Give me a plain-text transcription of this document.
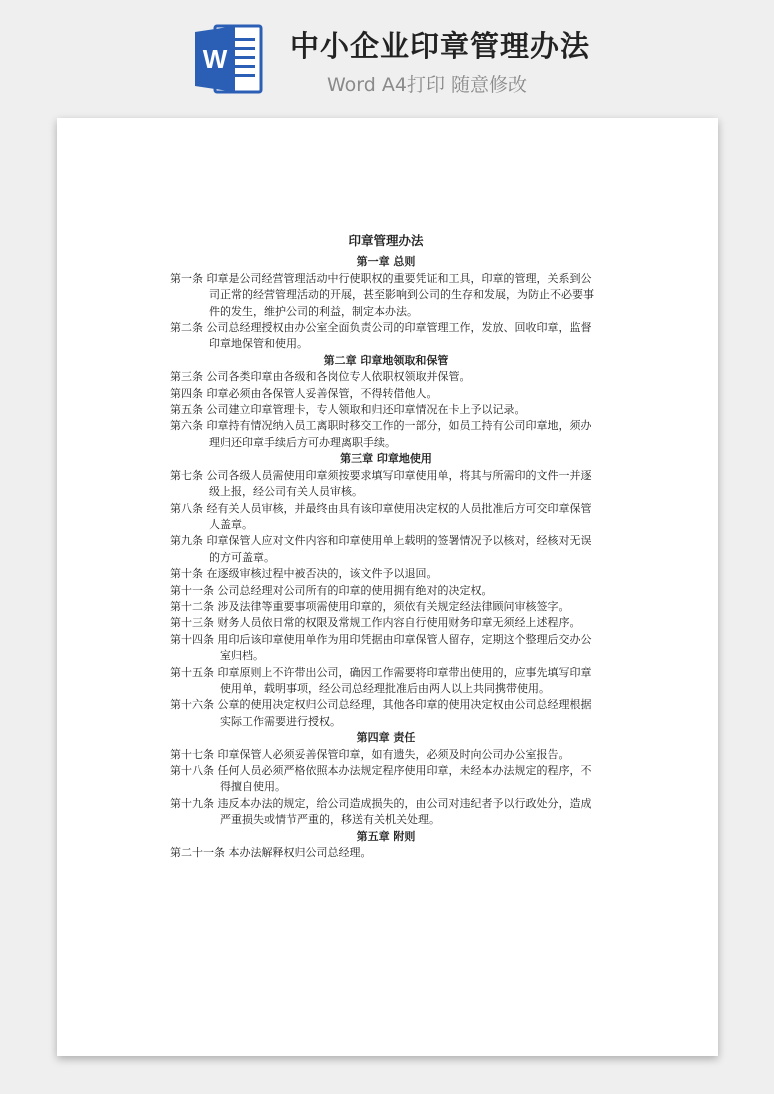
W 中小企业印章管理办法
Word A4打印 随意修改
印章管理办法
第一章 总则
第一条 印章是公司经营管理活动中行使职权的重要凭证和工具，印章的管理，关系到公司正常的经营管理活动的开展，甚至影响到公司的生存和发展，为防止不必要事件的发生，维护公司的利益，制定本办法。
第二条 公司总经理授权由办公室全面负责公司的印章管理工作，发放、回收印章，监督印章地保管和使用。
第二章 印章地领取和保管
第三条 公司各类印章由各级和各岗位专人依职权领取并保管。
第四条 印章必须由各保管人妥善保管，不得转借他人。
第五条 公司建立印章管理卡，专人领取和归还印章情况在卡上予以记录。
第六条 印章持有情况纳入员工离职时移交工作的一部分，如员工持有公司印章地，须办理归还印章手续后方可办理离职手续。
第三章 印章地使用
第七条 公司各级人员需使用印章须按要求填写印章使用单，将其与所需印的文件一并逐级上报，经公司有关人员审核。
第八条 经有关人员审核，并最终由具有该印章使用决定权的人员批准后方可交印章保管人盖章。
第九条 印章保管人应对文件内容和印章使用单上载明的签署情况予以核对，经核对无误的方可盖章。
第十条 在逐级审核过程中被否决的，该文件予以退回。
第十一条 公司总经理对公司所有的印章的使用拥有绝对的决定权。
第十二条 涉及法律等重要事项需使用印章的，须依有关规定经法律顾问审核签字。
第十三条 财务人员依日常的权限及常规工作内容自行使用财务印章无须经上述程序。
第十四条 用印后该印章使用单作为用印凭据由印章保管人留存，定期这个整理后交办公室归档。
第十五条 印章原则上不许带出公司，确因工作需要将印章带出使用的，应事先填写印章使用单，载明事项，经公司总经理批准后由两人以上共同携带使用。
第十六条 公章的使用决定权归公司总经理，其他各印章的使用决定权由公司总经理根据实际工作需要进行授权。
第四章 责任
第十七条 印章保管人必须妥善保管印章，如有遗失，必须及时向公司办公室报告。
第十八条 任何人员必须严格依照本办法规定程序使用印章，未经本办法规定的程序，不得擅自使用。
第十九条 违反本办法的规定，给公司造成损失的，由公司对违纪者予以行政处分，造成严重损失或情节严重的，移送有关机关处理。
第五章 附则
第二十一条 本办法解释权归公司总经理。
